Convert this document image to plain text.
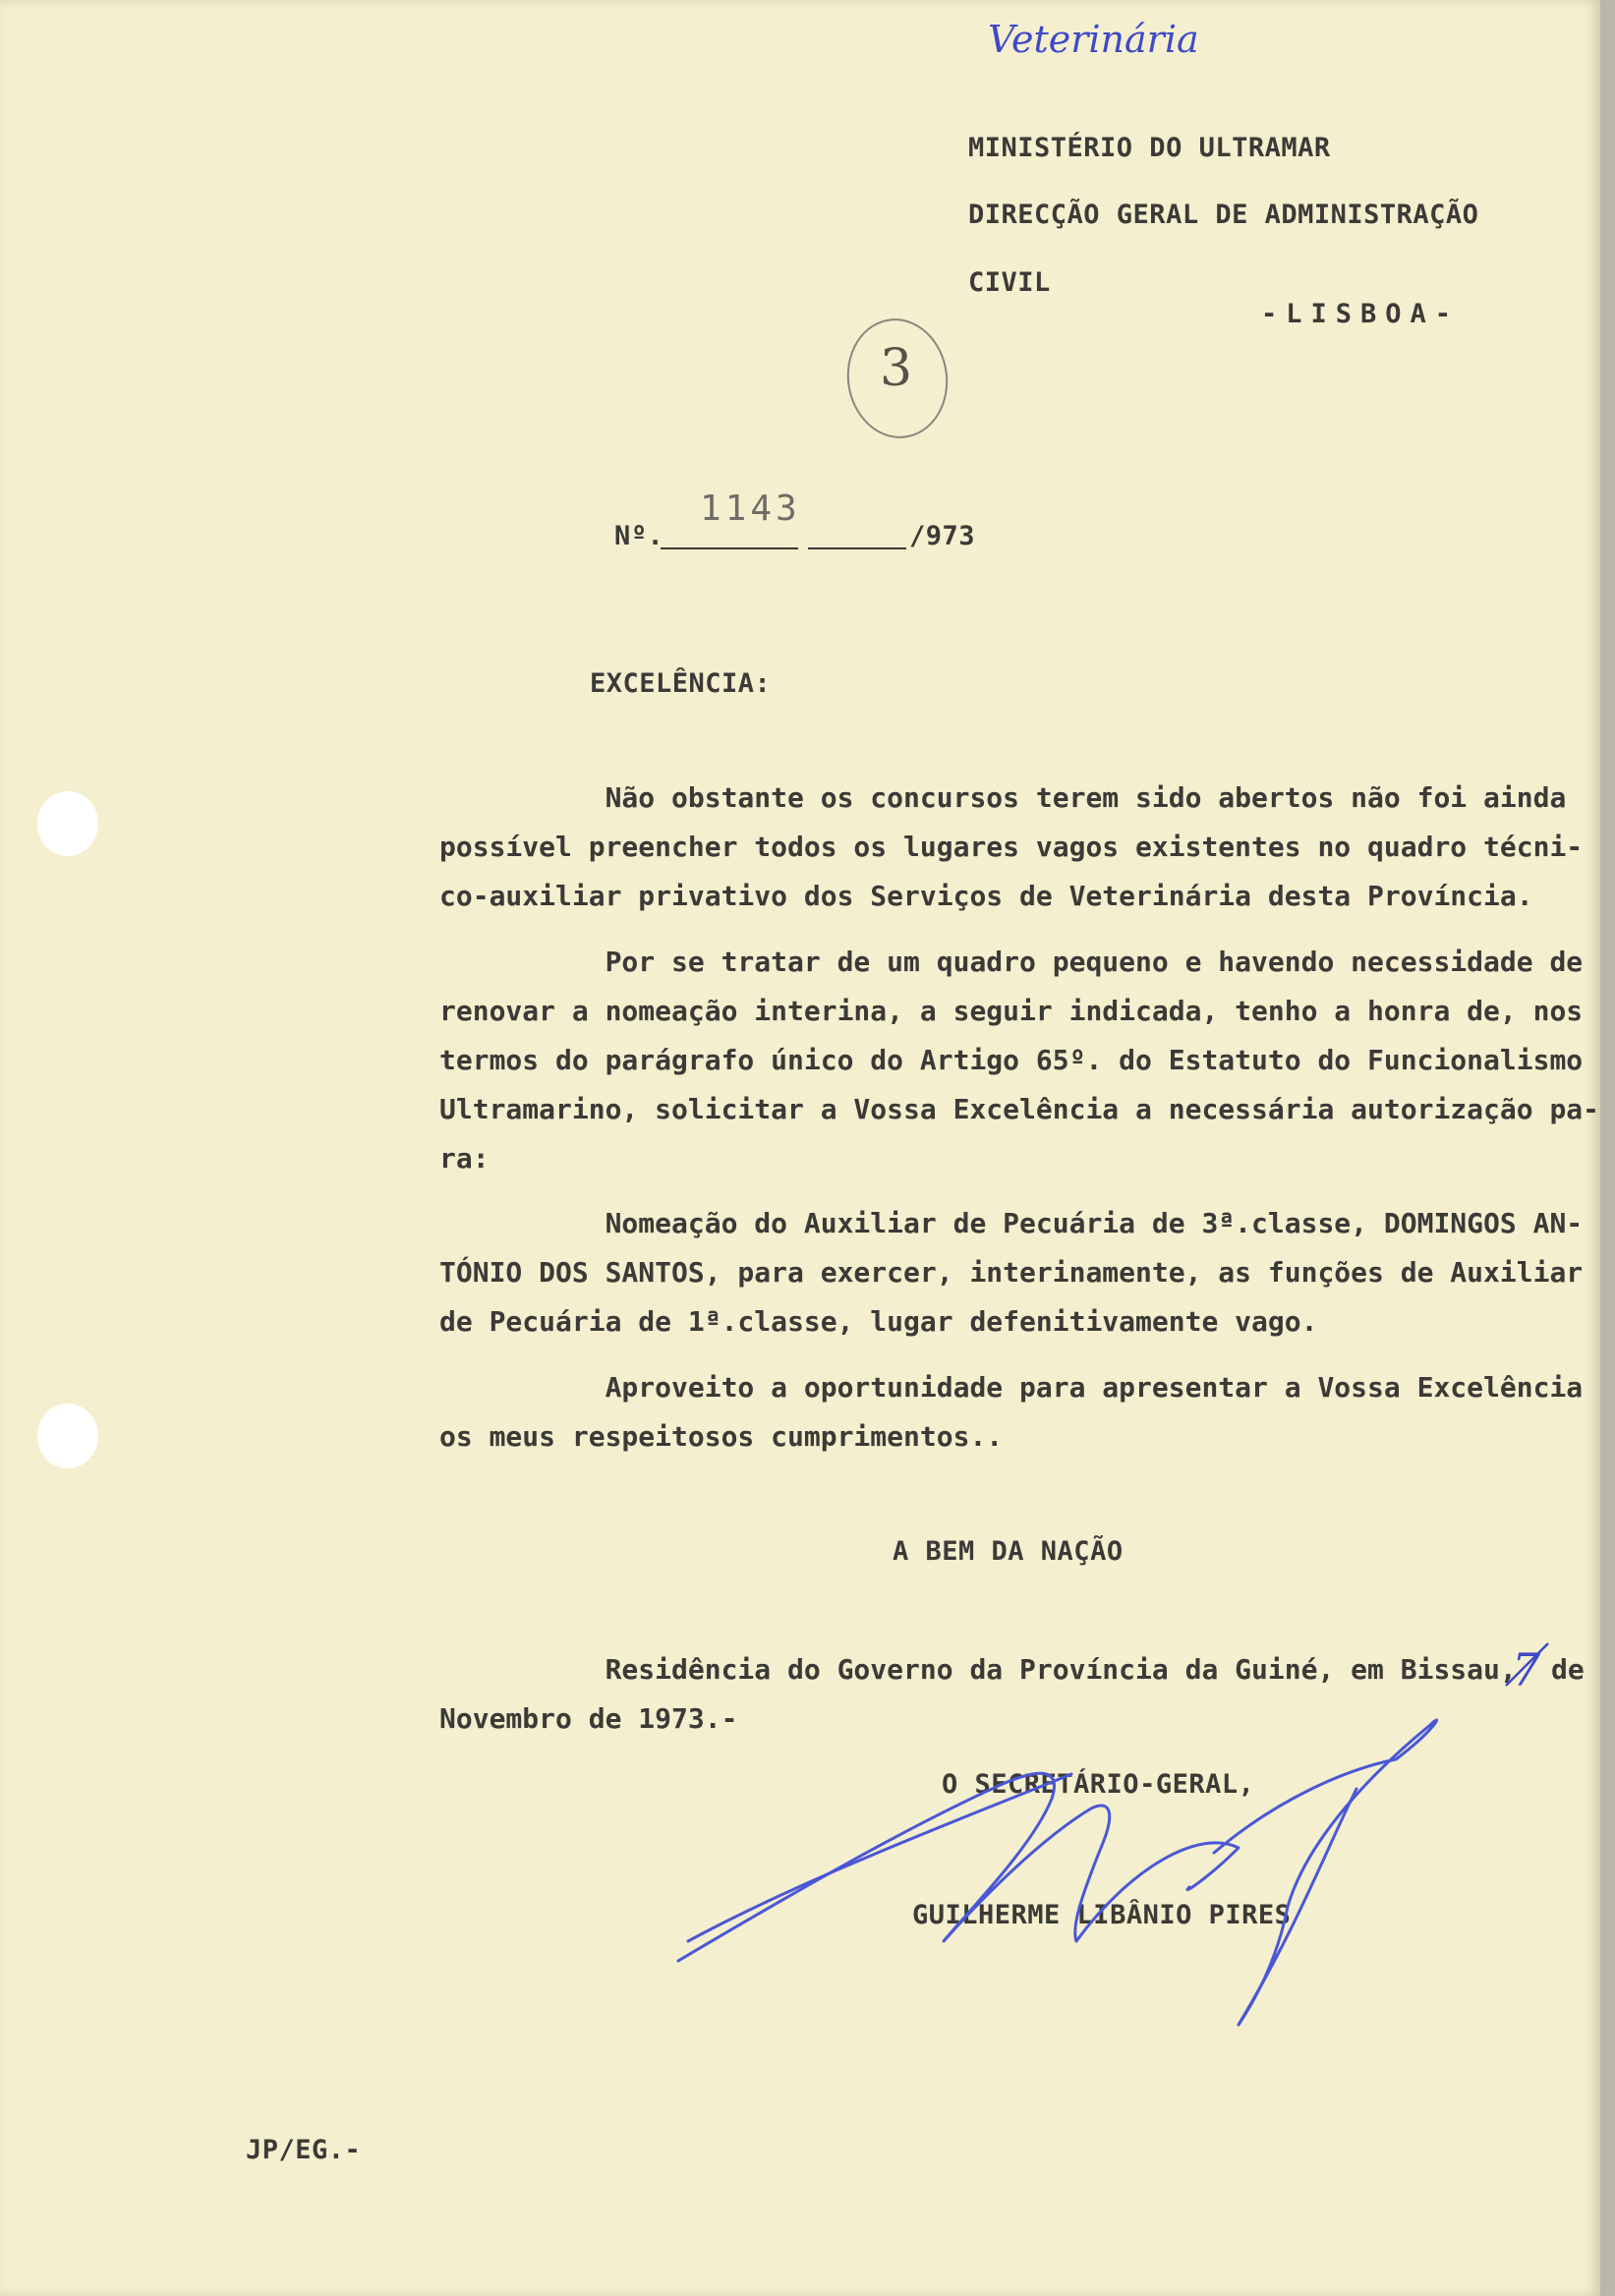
Veterinária
MINISTÉRIO DO ULTRAMAR
DIRECÇÃO GERAL DE ADMINISTRAÇÃO
CIVIL
-LISBOA-
3
Nº.
1143
/973
EXCELÊNCIA:
Não obstante os concursos terem sido abertos não foi ainda
possível preencher todos os lugares vagos existentes no quadro técni-
co-auxiliar privativo dos Serviços de Veterinária desta Província.
Por se tratar de um quadro pequeno e havendo necessidade de
renovar a nomeação interina, a seguir indicada, tenho a honra de, nos
termos do parágrafo único do Artigo 65º. do Estatuto do Funcionalismo
Ultramarino, solicitar a Vossa Excelência a necessária autorização pa-
ra:
Nomeação do Auxiliar de Pecuária de 3ª.classe, DOMINGOS AN-
TÓNIO DOS SANTOS, para exercer, interinamente, as funções de Auxiliar
de Pecuária de 1ª.classe, lugar defenitivamente vago.
Aproveito a oportunidade para apresentar a Vossa Excelência
os meus respeitosos cumprimentos..
A BEM DA NAÇÃO
Residência do Governo da Província da Guiné, em Bissau,
7 de
Novembro de 1973.-
O SECRETÁRIO-GERAL,
GUILHERME LIBÂNIO PIRES
JP/EG.-
